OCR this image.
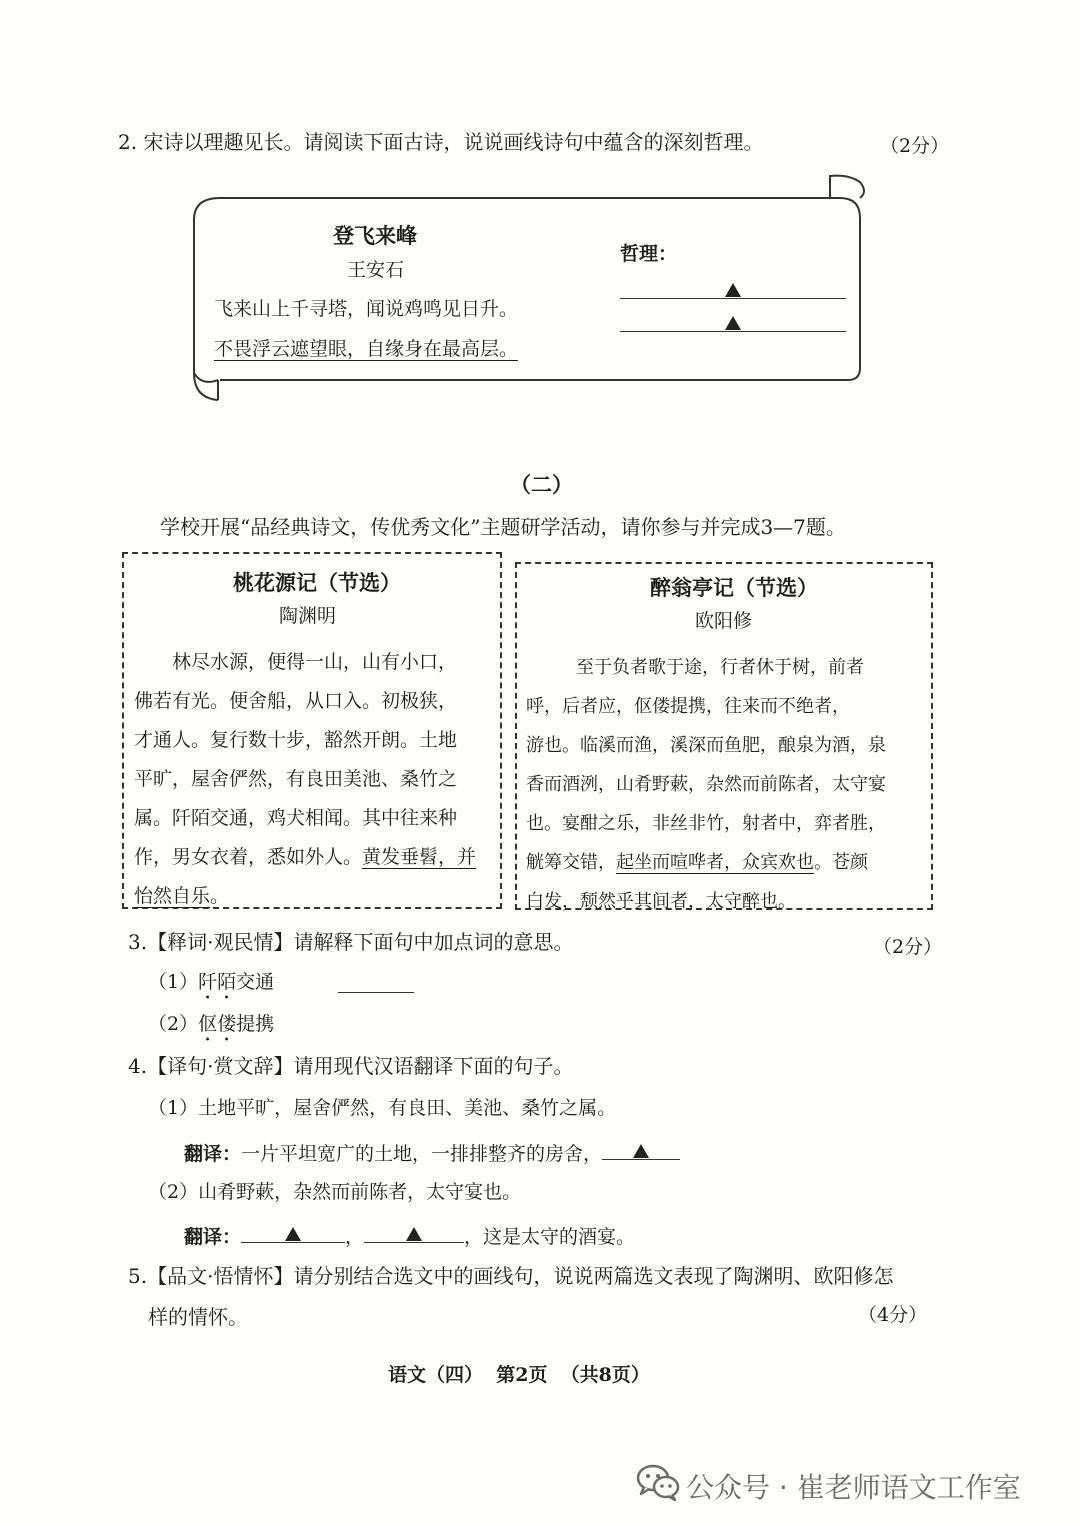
2. 宋诗以理趣见长。请阅读下面古诗，说说画线诗句中蕴含的深刻哲理。	（2分）
登飞来峰
王安石
飞来山上千寻塔，闻说鸡鸣见日升。
不畏浮云遮望眼，自缘身在最高层。
哲理：
（二）
学校开展“品经典诗文，传优秀文化”主题研学活动，请你参与并完成3—7题。
桃花源记（节选）
陶渊明
林尽水源，便得一山，山有小口，
佛若有光。便舍船，从口入。初极狭，
才通人。复行数十步，豁然开朗。土地
平旷，屋舍俨然，有良田美池、桑竹之
属。阡陌交通，鸡犬相闻。其中往来种
作，男女衣着，悉如外人。黄发垂髫，并
怡然自乐。
醉翁亭记（节选）
欧阳修
至于负者歌于途，行者休于树，前者
呼，后者应，伛偻提携，往来而不绝者，
游也。临溪而渔，溪深而鱼肥，酿泉为酒，泉
香而酒洌，山肴野蔌，杂然而前陈者，太守宴
也。宴酣之乐，非丝非竹，射者中，弈者胜，
觥筹交错，起坐而喧哗者，众宾欢也。苍颜
白发，颓然乎其间者，太守醉也。
3.【释词·观民情】请解释下面句中加点词的意思。	（2分）
（1）阡陌交通
（2）伛偻提携
4.【译句·赏文辞】请用现代汉语翻译下面的句子。
（1）土地平旷，屋舍俨然，有良田、美池、桑竹之属。
翻译：一片平坦宽广的土地，一排排整齐的房舍，
（2）山肴野蔌，杂然而前陈者，太守宴也。
翻译：	，	，这是太守的酒宴。
5.【品文·悟情怀】请分别结合选文中的画线句，说说两篇选文表现了陶渊明、欧阳修怎
样的情怀。	（4分）
语文（四）  第2页  （共8页）
公众号 · 崔老师语文工作室
